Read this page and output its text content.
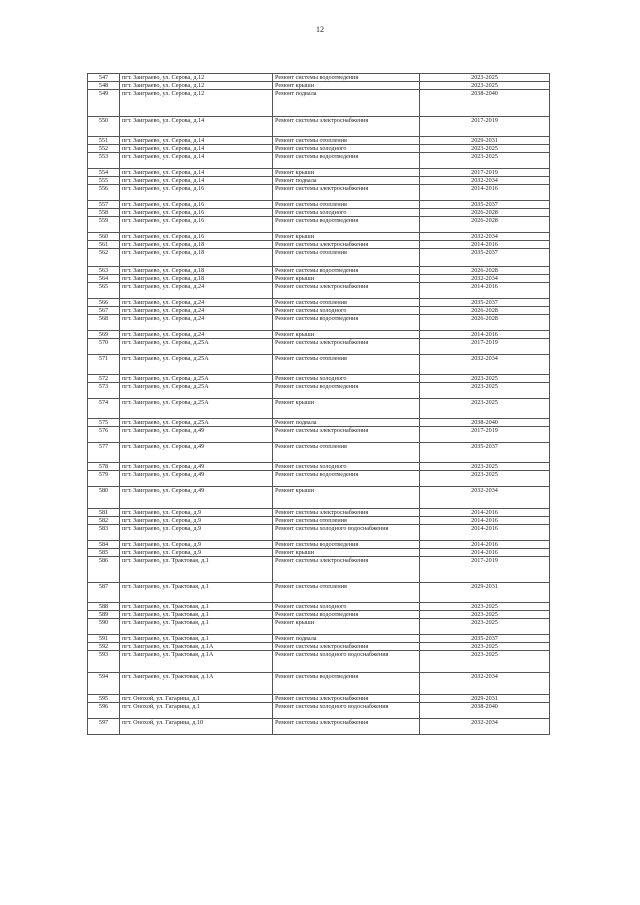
12
547	пгт. Заиграево, ул. Серова, д.12	Ремонт системы водоотведения	2023-2025
548	пгт. Заиграево, ул. Серова, д.12	Ремонт крыши	2023-2025
549	пгт. Заиграево, ул. Серова, д.12	Ремонт подвала	2038-2040
550	пгт. Заиграево, ул. Серова, д.14	Ремонт системы электроснабжения	2017-2019
551	пгт. Заиграево, ул. Серова, д.14	Ремонт системы отопления	2029-2031
552	пгт. Заиграево, ул. Серова, д.14	Ремонт системы холодного	2023-2025
553	пгт. Заиграево, ул. Серова, д.14	Ремонт системы водоотведения	2023-2025
554	пгт. Заиграево, ул. Серова, д.14	Ремонт крыши	2017-2019
555	пгт. Заиграево, ул. Серова, д.14	Ремонт подвала	2032-2034
556	пгт. Заиграево, ул. Серова, д.16	Ремонт системы электроснабжения	2014-2016
557	пгт. Заиграево, ул. Серова, д.16	Ремонт системы отопления	2035-2037
558	пгт. Заиграево, ул. Серова, д.16	Ремонт системы холодного	2026-2028
559	пгт. Заиграево, ул. Серова, д.16	Ремонт системы водоотведения	2026-2028
560	пгт. Заиграево, ул. Серова, д.16	Ремонт крыши	2032-2034
561	пгт. Заиграево, ул. Серова, д.18	Ремонт системы электроснабжения	2014-2016
562	пгт. Заиграево, ул. Серова, д.18	Ремонт системы отопления	2035-2037
563	пгт. Заиграево, ул. Серова, д.18	Ремонт системы водоотведения	2026-2028
564	пгт. Заиграево, ул. Серова, д.18	Ремонт крыши	2032-2034
565	пгт. Заиграево, ул. Серова, д.24	Ремонт системы электроснабжения	2014-2016
566	пгт. Заиграево, ул. Серова, д.24	Ремонт системы отопления	2035-2037
567	пгт. Заиграево, ул. Серова, д.24	Ремонт системы холодного	2026-2028
568	пгт. Заиграево, ул. Серова, д.24	Ремонт системы водоотведения	2026-2028
569	пгт. Заиграево, ул. Серова, д.24	Ремонт крыши	2014-2016
570	пгт. Заиграево, ул. Серова, д.25А	Ремонт системы электроснабжения	2017-2019
571	пгт. Заиграево, ул. Серова, д.25А	Ремонт системы отопления	2032-2034
572	пгт. Заиграево, ул. Серова, д.25А	Ремонт системы холодного	2023-2025
573	пгт. Заиграево, ул. Серова, д.25А	Ремонт системы водоотведения	2023-2025
574	пгт. Заиграево, ул. Серова, д.25А	Ремонт крыши	2023-2025
575	пгт. Заиграево, ул. Серова, д.25А	Ремонт подвала	2038-2040
576	пгт. Заиграево, ул. Серова, д.49	Ремонт системы электроснабжения	2017-2019
577	пгт. Заиграево, ул. Серова, д.49	Ремонт системы отопления	2035-2037
578	пгт. Заиграево, ул. Серова, д.49	Ремонт системы холодного	2023-2025
579	пгт. Заиграево, ул. Серова, д.49	Ремонт системы водоотведения	2023-2025
580	пгт. Заиграево, ул. Серова, д.49	Ремонт крыши	2032-2034
581	пгт. Заиграево, ул. Серова, д.9	Ремонт системы электроснабжения	2014-2016
582	пгт. Заиграево, ул. Серова, д.9	Ремонт системы отопления	2014-2016
583	пгт. Заиграево, ул. Серова, д.9	Ремонт системы холодного водоснабжения	2014-2016
584	пгт. Заиграево, ул. Серова, д.9	Ремонт системы водоотведения	2014-2016
585	пгт. Заиграево, ул. Серова, д.9	Ремонт крыши	2014-2016
586	пгт. Заиграево, ул. Трактовая, д.1	Ремонт системы электроснабжения	2017-2019
587	пгт. Заиграево, ул. Трактовая, д.1	Ремонт системы отопления	2029-2031
588	пгт. Заиграево, ул. Трактовая, д.1	Ремонт системы холодного	2023-2025
589	пгт. Заиграево, ул. Трактовая, д.1	Ремонт системы водоотведения	2023-2025
590	пгт. Заиграево, ул. Трактовая, д.1	Ремонт крыши	2023-2025
591	пгт. Заиграево, ул. Трактовая, д.1	Ремонт подвала	2035-2037
592	пгт. Заиграево, ул. Трактовая, д.1А	Ремонт системы электроснабжения	2023-2025
593	пгт. Заиграево, ул. Трактовая, д.1А	Ремонт системы холодного водоснабжения	2023-2025
594	пгт. Заиграево, ул. Трактовая, д.1А	Ремонт системы водоотведения	2032-2034
595	пгт. Онохой, ул. Гагарина, д.1	Ремонт системы электроснабжения	2029-2031
596	пгт. Онохой, ул. Гагарина, д.1	Ремонт системы холодного водоснабжения	2038-2040
597	пгт. Онохой, ул. Гагарина, д.10	Ремонт системы электроснабжения	2032-2034
